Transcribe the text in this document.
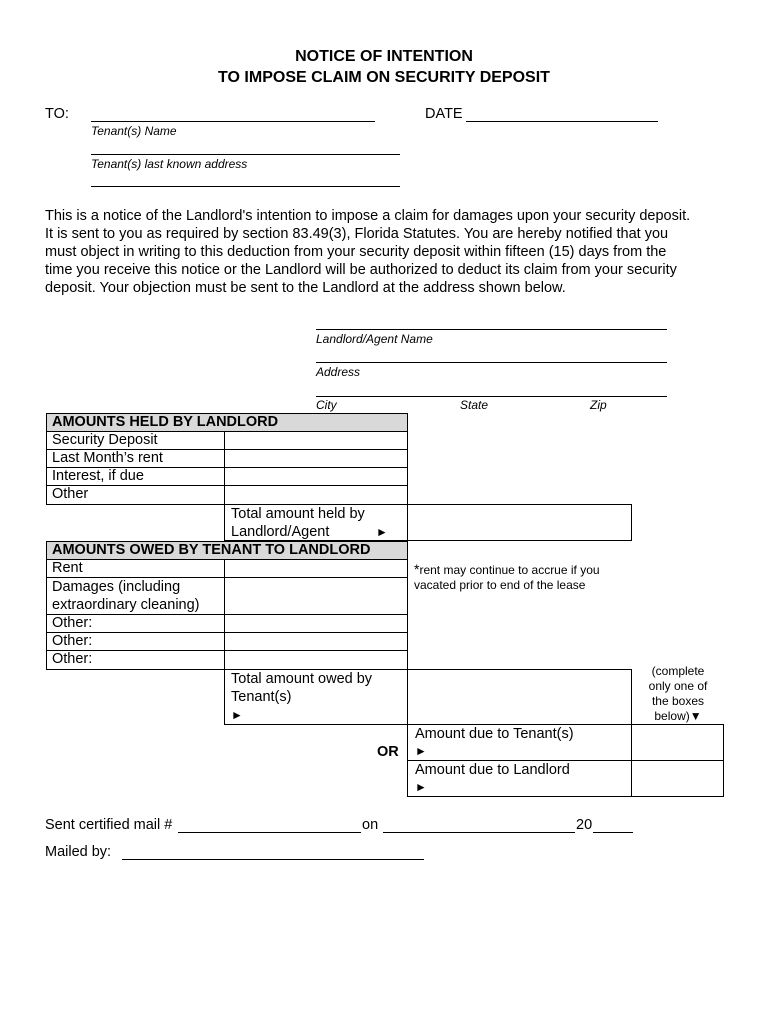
NOTICE OF INTENTION
TO IMPOSE CLAIM ON SECURITY DEPOSIT
TO:	DATE
Tenant(s) Name
Tenant(s) last known address
This is a notice of the Landlord's intention to impose a claim for damages upon your security deposit.
It is sent to you as required by section 83.49(3), Florida Statutes. You are hereby notified that you
must object in writing to this deduction from your security deposit within fifteen (15) days from the
time you receive this notice or the Landlord will be authorized to deduct its claim from your security
deposit. Your objection must be sent to the Landlord at the address shown below.
Landlord/Agent Name
Address
City	State	Zip
AMOUNTS HELD BY LANDLORD
Security Deposit
Last Month’s rent
Interest, if due
Other
Total amount held by
Landlord/Agent	►
AMOUNTS OWED BY TENANT TO LANDLORD
Rent
Damages (including
extraordinary cleaning)
Other:
Other:
Other:
*rent may continue to accrue if you
vacated prior to end of the lease
Total amount owed by
Tenant(s)
►
(complete
only one of
the boxes
below)▼
OR
Amount due to Tenant(s)
►
Amount due to Landlord
►
Sent certified mail #	on	20
Mailed by:
